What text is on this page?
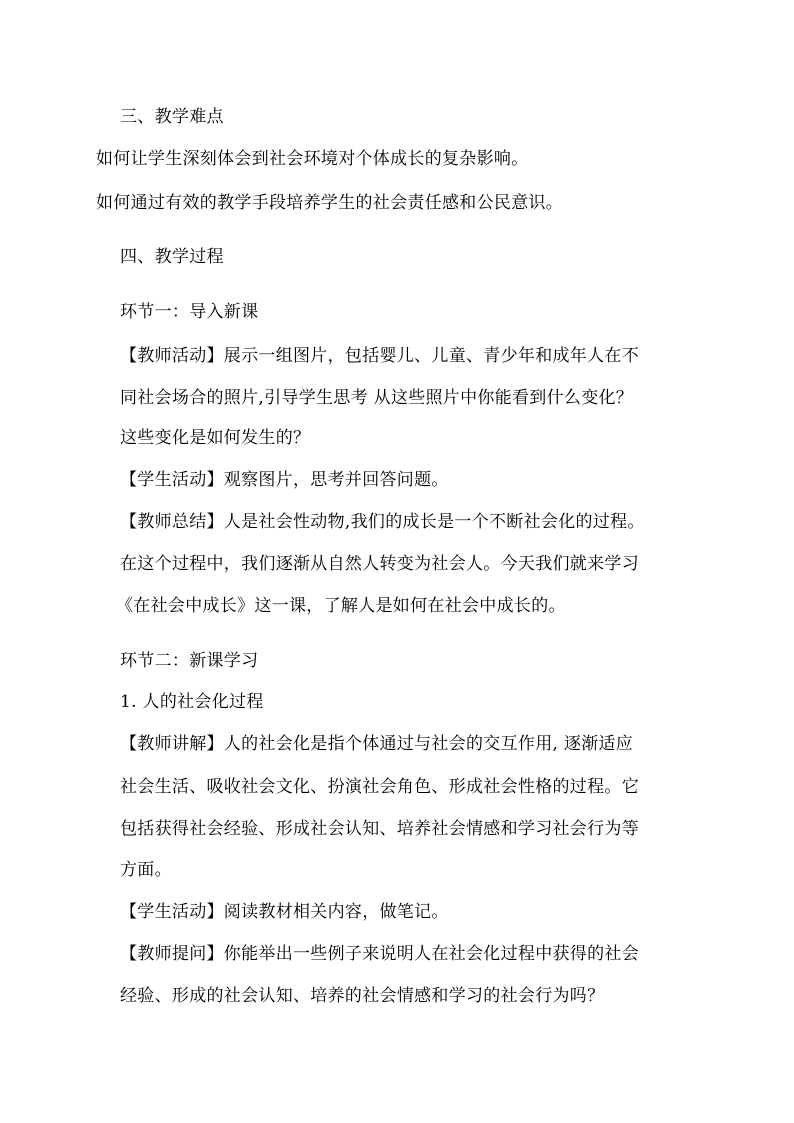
三、教学难点
如何让学生深刻体会到社会环境对个体成长的复杂影响。
如何通过有效的教学手段培养学生的社会责任感和公民意识。
四、教学过程
环节一：导入新课
【教师活动】展示一组图片，包括婴儿、儿童、青少年和成年人在不
同社会场合的照片,引导学生思考 从这些照片中你能看到什么变化？
这些变化是如何发生的？
【学生活动】观察图片，思考并回答问题。
【教师总结】人是社会性动物,我们的成长是一个不断社会化的过程。
在这个过程中，我们逐渐从自然人转变为社会人。今天我们就来学习
《在社会中成长》这一课，了解人是如何在社会中成长的。
环节二：新课学习
1. 人的社会化过程
【教师讲解】人的社会化是指个体通过与社会的交互作用, 逐渐适应
社会生活、吸收社会文化、扮演社会角色、形成社会性格的过程。它
包括获得社会经验、形成社会认知、培养社会情感和学习社会行为等
方面。
【学生活动】阅读教材相关内容，做笔记。
【教师提问】你能举出一些例子来说明人在社会化过程中获得的社会
经验、形成的社会认知、培养的社会情感和学习的社会行为吗？
